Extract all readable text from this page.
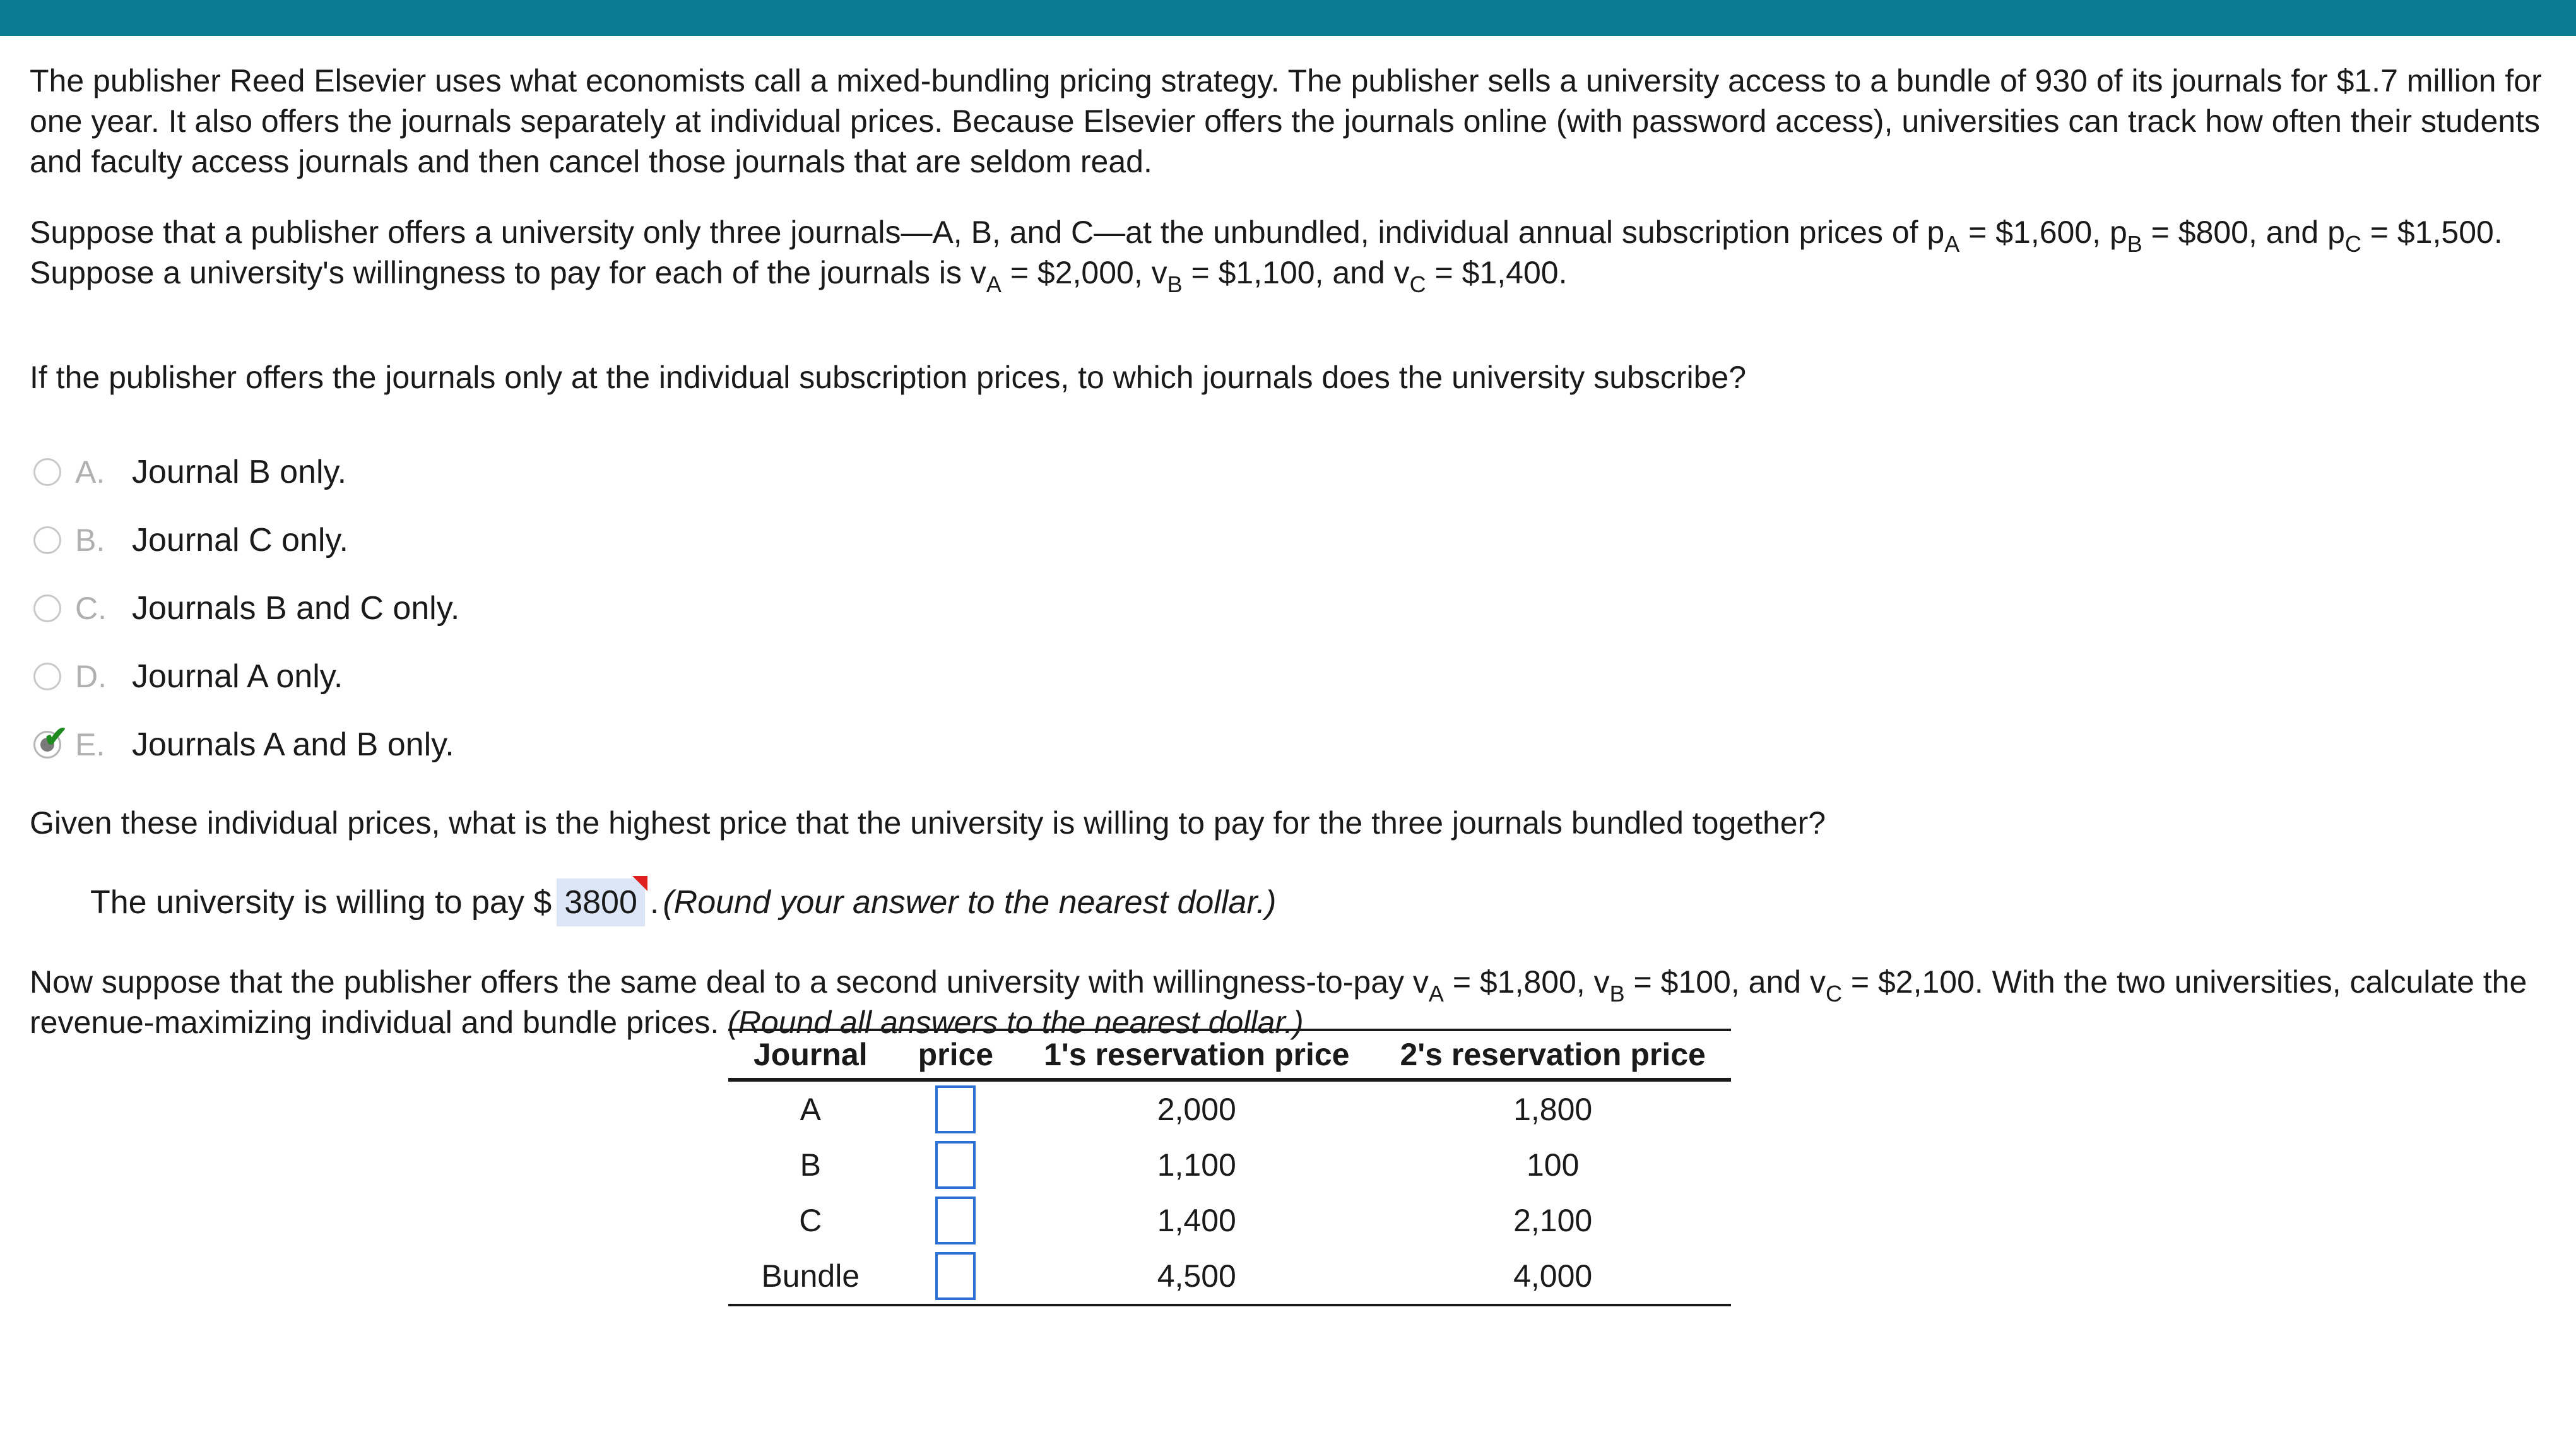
The publisher Reed Elsevier uses what economists call a mixed-bundling pricing strategy. The publisher sells a university access to a bundle of 930 of its journals for $1.7 million for one year. It also offers the journals separately at individual prices. Because Elsevier offers the journals online (with password access), universities can track how often their students and faculty access journals and then cancel those journals that are seldom read.

Suppose that a publisher offers a university only three journals—A, B, and C—at the unbundled, individual annual subscription prices of $p_A$ = $1,600, $p_B$ = $800, and $p_C$ = $1,500. Suppose a university's willingness to pay for each of the journals is $v_A$ = $2,000, $v_B$ = $1,100, and $v_C$ = $1,400.

If the publisher offers the journals only at the individual subscription prices, to which journals does the university subscribe?

A. Journal B only.
B. Journal C only.
C. Journals B and C only.
D. Journal A only.
✔ E. Journals A and B only.

Given these individual prices, what is the highest price that the university is willing to pay for the three journals bundled together?

The university is willing to pay $ 3800 . (Round your answer to the nearest dollar.)

Now suppose that the publisher offers the same deal to a second university with willingness-to-pay $v_A$ = $1,800, $v_B$ = $100, and $v_C$ = $2,100. With the two universities, calculate the revenue-maximizing individual and bundle prices. (Round all answers to the nearest dollar.)

Journal	price	1's reservation price	2's reservation price
A		2,000	1,800
B		1,100	100
C		1,400	2,100
Bundle		4,500	4,000
